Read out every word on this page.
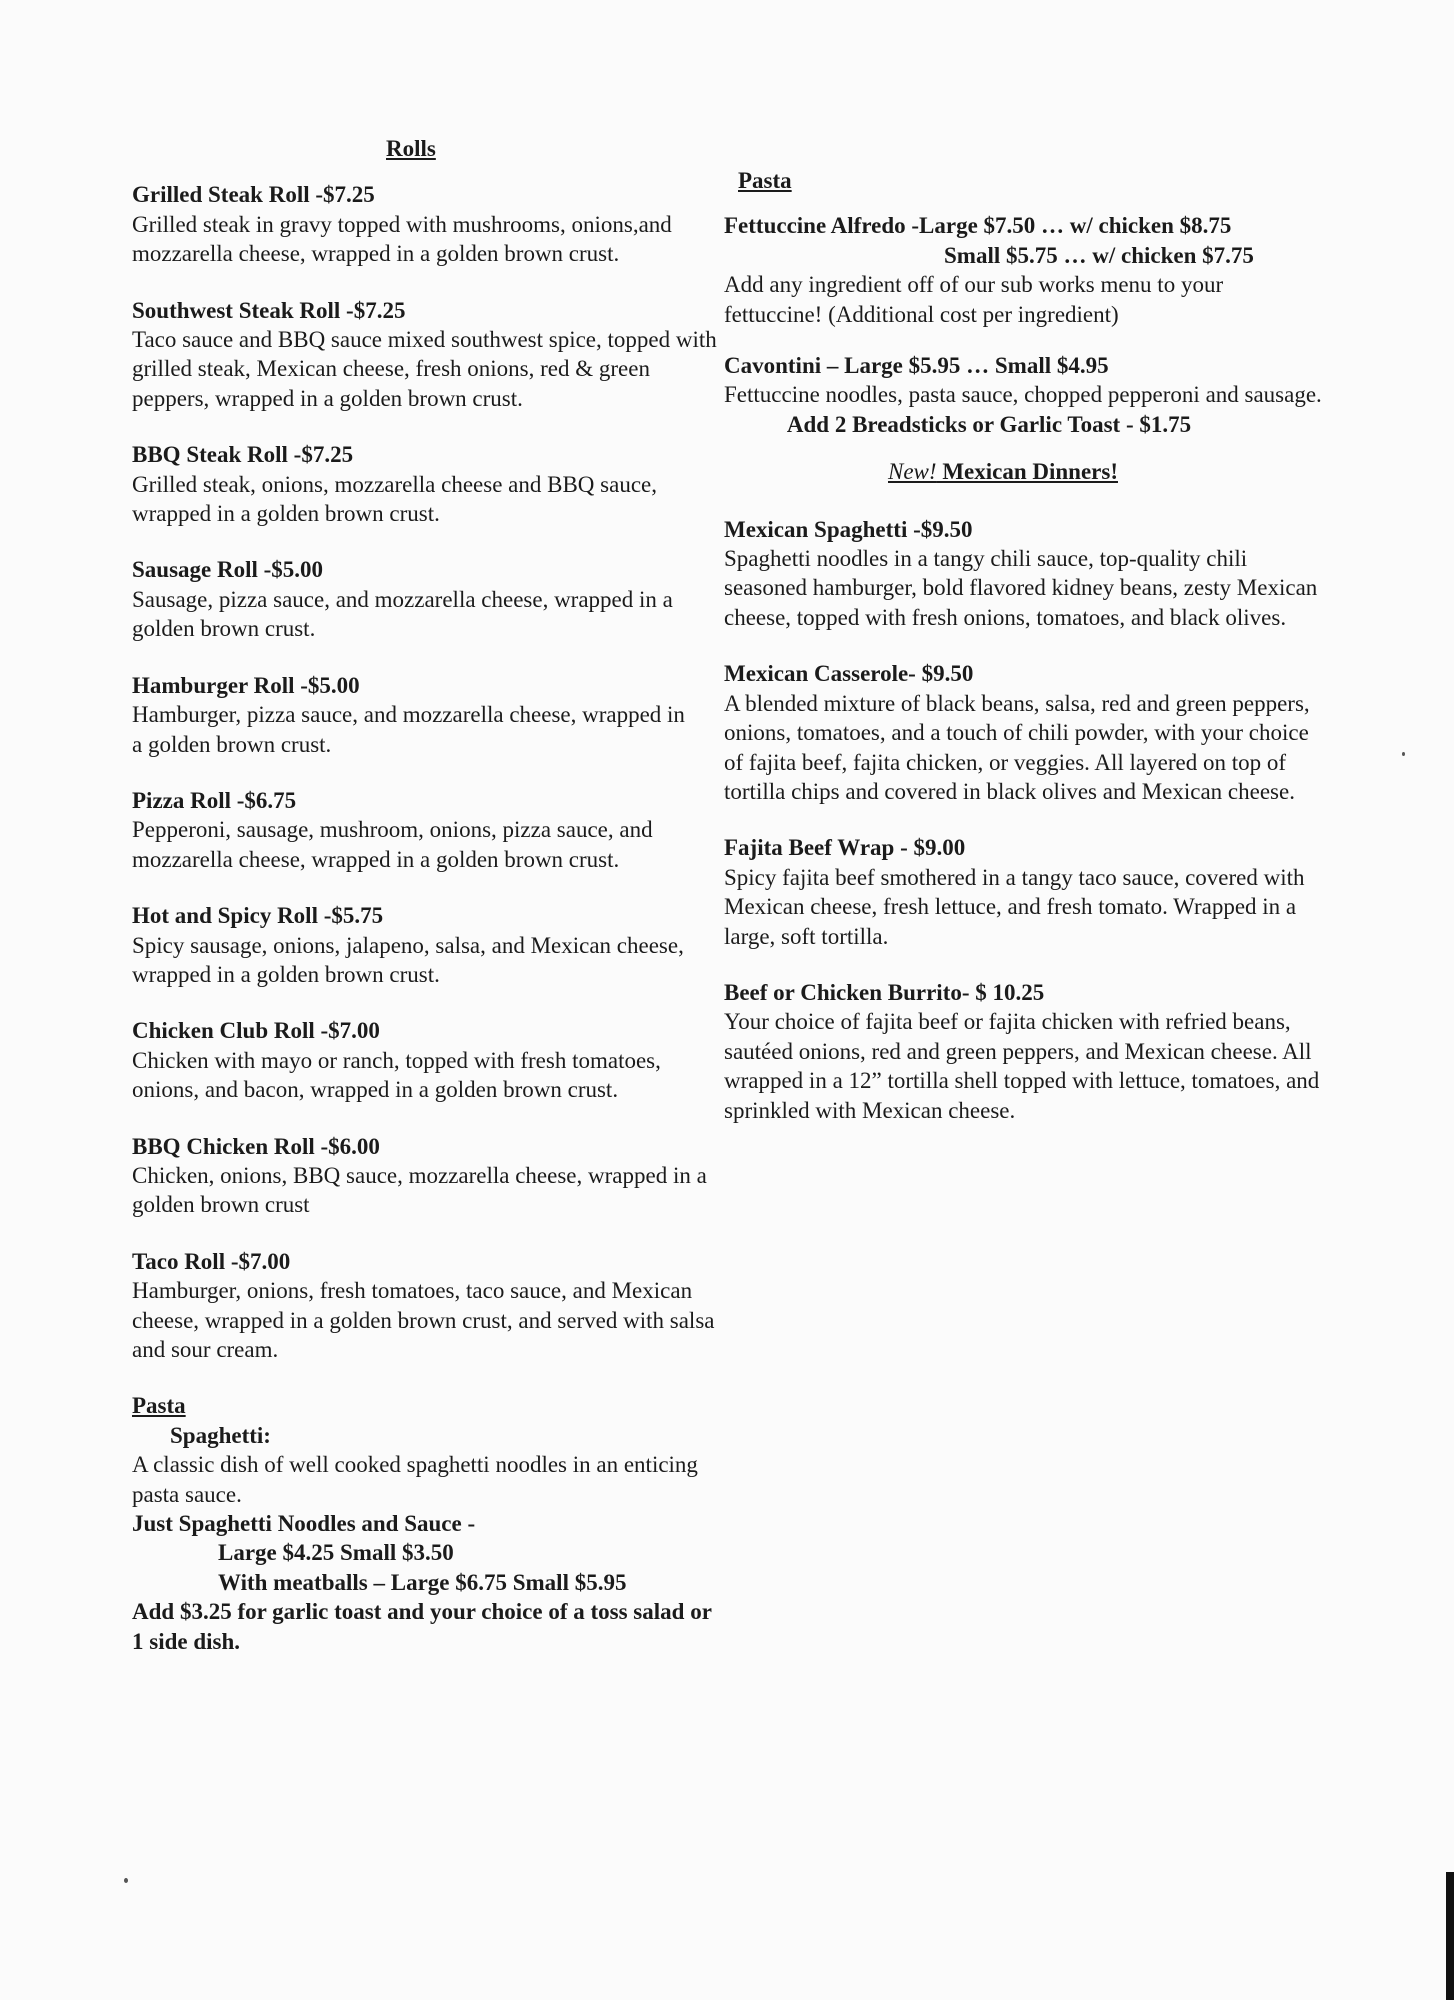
Rolls
Grilled Steak Roll -$7.25
Grilled steak in gravy topped with mushrooms, onions,and mozzarella cheese, wrapped in a golden brown crust.
Southwest Steak Roll -$7.25
Taco sauce and BBQ sauce mixed southwest spice, topped with grilled steak, Mexican cheese, fresh onions, red & green peppers, wrapped in a golden brown crust.
BBQ Steak Roll -$7.25
Grilled steak, onions, mozzarella cheese and BBQ sauce, wrapped in a golden brown crust.
Sausage Roll -$5.00
Sausage, pizza sauce, and mozzarella cheese, wrapped in a golden brown crust.
Hamburger Roll -$5.00
Hamburger, pizza sauce, and mozzarella cheese, wrapped in
a golden brown crust.
Pizza Roll -$6.75
Pepperoni, sausage, mushroom, onions, pizza sauce, and mozzarella cheese, wrapped in a golden brown crust.
Hot and Spicy Roll -$5.75
Spicy sausage, onions, jalapeno, salsa, and Mexican cheese,
wrapped in a golden brown crust.
Chicken Club Roll -$7.00
Chicken with mayo or ranch, topped with fresh tomatoes, onions, and bacon, wrapped in a golden brown crust.
BBQ Chicken Roll -$6.00
Chicken, onions, BBQ sauce, mozzarella cheese, wrapped in a golden brown crust
Taco Roll -$7.00
Hamburger, onions, fresh tomatoes, taco sauce, and Mexican
cheese, wrapped in a golden brown crust, and served with salsa and sour cream.
Pasta
Spaghetti:
A classic dish of well cooked spaghetti noodles in an enticing pasta sauce.
Just Spaghetti Noodles and Sauce -
Large $4.25 Small $3.50
With meatballs – Large $6.75 Small $5.95
Add $3.25 for garlic toast and your choice of a toss salad or 1 side dish.
Pasta
Fettuccine Alfredo -Large $7.50 … w/ chicken $8.75
Small $5.75 … w/ chicken $7.75
Add any ingredient off of our sub works menu to your fettuccine! (Additional cost per ingredient)
Cavontini – Large $5.95 … Small $4.95
Fettuccine noodles, pasta sauce, chopped pepperoni and sausage.
Add 2 Breadsticks or Garlic Toast - $1.75
New! Mexican Dinners!
Mexican Spaghetti -$9.50
Spaghetti noodles in a tangy chili sauce, top-quality chili seasoned hamburger, bold flavored kidney beans, zesty Mexican cheese, topped with fresh onions, tomatoes, and black olives.
Mexican Casserole- $9.50
A blended mixture of black beans, salsa, red and green peppers, onions, tomatoes, and a touch of chili powder, with your choice of fajita beef, fajita chicken, or veggies. All layered on top of tortilla chips and covered in black olives and Mexican cheese.
Fajita Beef Wrap - $9.00
Spicy fajita beef smothered in a tangy taco sauce, covered with Mexican cheese, fresh lettuce, and fresh tomato. Wrapped in a large, soft tortilla.
Beef or Chicken Burrito- $ 10.25
Your choice of fajita beef or fajita chicken with refried beans, sautéed onions, red and green peppers, and Mexican cheese. All wrapped in a 12” tortilla shell topped with lettuce, tomatoes, and sprinkled with Mexican cheese.
